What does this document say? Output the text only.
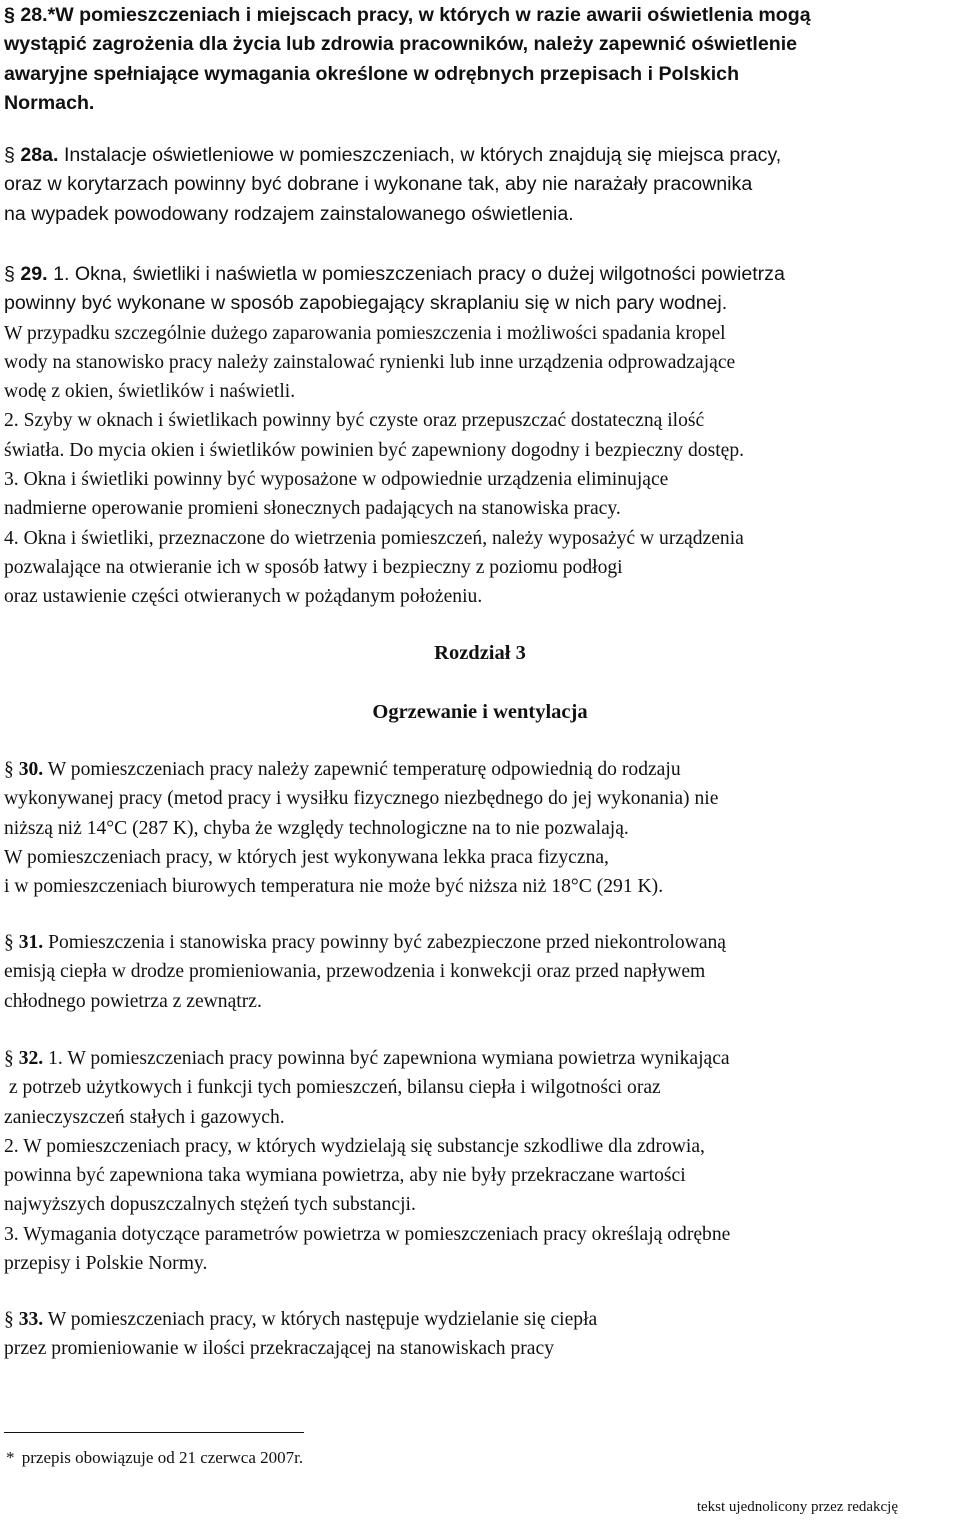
§ 28.*W pomieszczeniach i miejscach pracy, w których w razie awarii oświetlenia mogą

wystąpić zagrożenia dla życia lub zdrowia pracowników, należy zapewnić oświetlenie

awaryjne spełniające wymagania określone w odrębnych przepisach i Polskich

Normach.

§ 28a. Instalacje oświetleniowe w pomieszczeniach, w których znajdują się miejsca pracy,

oraz w korytarzach powinny być dobrane i wykonane tak, aby nie narażały pracownika

na wypadek powodowany rodzajem zainstalowanego oświetlenia.

§ 29. 1. Okna, świetliki i naświetla w pomieszczeniach pracy o dużej wilgotności powietrza

powinny być wykonane w sposób zapobiegający skraplaniu się w nich pary wodnej.

W przypadku szczególnie dużego zaparowania pomieszczenia i możliwości spadania kropel

wody na stanowisko pracy należy zainstalować rynienki lub inne urządzenia odprowadzające

wodę z okien, świetlików i naświetli.

2. Szyby w oknach i świetlikach powinny być czyste oraz przepuszczać dostateczną ilość

światła. Do mycia okien i świetlików powinien być zapewniony dogodny i bezpieczny dostęp.

3. Okna i świetliki powinny być wyposażone w odpowiednie urządzenia eliminujące

nadmierne operowanie promieni słonecznych padających na stanowiska pracy.

4. Okna i świetliki, przeznaczone do wietrzenia pomieszczeń, należy wyposażyć w urządzenia

pozwalające na otwieranie ich w sposób łatwy i bezpieczny z poziomu podłogi

oraz ustawienie części otwieranych w pożądanym położeniu.

Rozdział 3

Ogrzewanie i wentylacja

§ 30. W pomieszczeniach pracy należy zapewnić temperaturę odpowiednią do rodzaju

wykonywanej pracy (metod pracy i wysiłku fizycznego niezbędnego do jej wykonania) nie

niższą niż 14°C (287 K), chyba że względy technologiczne na to nie pozwalają.

W pomieszczeniach pracy, w których jest wykonywana lekka praca fizyczna,

i w pomieszczeniach biurowych temperatura nie może być niższa niż 18°C (291 K).

§ 31. Pomieszczenia i stanowiska pracy powinny być zabezpieczone przed niekontrolowaną

emisją ciepła w drodze promieniowania, przewodzenia i konwekcji oraz przed napływem

chłodnego powietrza z zewnątrz.

§ 32. 1. W pomieszczeniach pracy powinna być zapewniona wymiana powietrza wynikająca

z potrzeb użytkowych i funkcji tych pomieszczeń, bilansu ciepła i wilgotności oraz

zanieczyszczeń stałych i gazowych.

2. W pomieszczeniach pracy, w których wydzielają się substancje szkodliwe dla zdrowia,

powinna być zapewniona taka wymiana powietrza, aby nie były przekraczane wartości

najwyższych dopuszczalnych stężeń tych substancji.

3. Wymagania dotyczące parametrów powietrza w pomieszczeniach pracy określają odrębne

przepisy i Polskie Normy.

§ 33. W pomieszczeniach pracy, w których następuje wydzielanie się ciepła

przez promieniowanie w ilości przekraczającej na stanowiskach pracy

* przepis obowiązuje od 21 czerwca 2007r.

tekst ujednolicony przez redakcję
